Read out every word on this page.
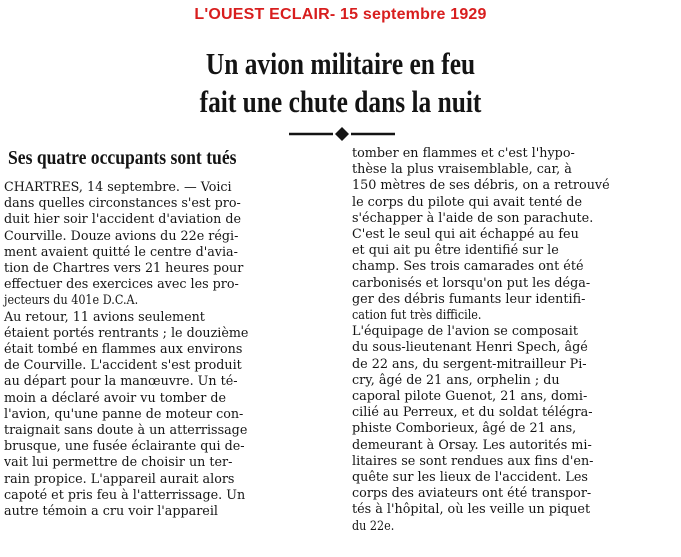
L'OUEST ECLAIR- 15 septembre 1929
Un avion militaire en feu
fait une chute dans la nuit
Ses quatre occupants sont tués
CHARTRES, 14 septembre. — Voici
dans quelles circonstances s'est pro-
duit hier soir l'accident d'aviation de
Courville. Douze avions du 22e régi-
ment avaient quitté le centre d'avia-
tion de Chartres vers 21 heures pour
effectuer des exercices avec les pro-
jecteurs du 401e D.C.A.
Au retour, 11 avions seulement
étaient portés rentrants ; le douzième
était tombé en flammes aux environs
de Courville. L'accident s'est produit
au départ pour la manœuvre. Un té-
moin a déclaré avoir vu tomber de
l'avion, qu'une panne de moteur con-
traignait sans doute à un atterrissage
brusque, une fusée éclairante qui de-
vait lui permettre de choisir un ter-
rain propice. L'appareil aurait alors
capoté et pris feu à l'atterrissage. Un
autre témoin a cru voir l'appareil
tomber en flammes et c'est l'hypo-
thèse la plus vraisemblable, car, à
150 mètres de ses débris, on a retrouvé
le corps du pilote qui avait tenté de
s'échapper à l'aide de son parachute.
C'est le seul qui ait échappé au feu
et qui ait pu être identifié sur le
champ. Ses trois camarades ont été
carbonisés et lorsqu'on put les déga-
ger des débris fumants leur identifi-
cation fut très difficile.
L'équipage de l'avion se composait
du sous-lieutenant Henri Spech, âgé
de 22 ans, du sergent-mitrailleur Pi-
cry, âgé de 21 ans, orphelin ; du
caporal pilote Guenot, 21 ans, domi-
cilié au Perreux, et du soldat télégra-
phiste Comborieux, âgé de 21 ans,
demeurant à Orsay. Les autorités mi-
litaires se sont rendues aux fins d'en-
quête sur les lieux de l'accident. Les
corps des aviateurs ont été transpor-
tés à l'hôpital, où les veille un piquet
du 22e.
